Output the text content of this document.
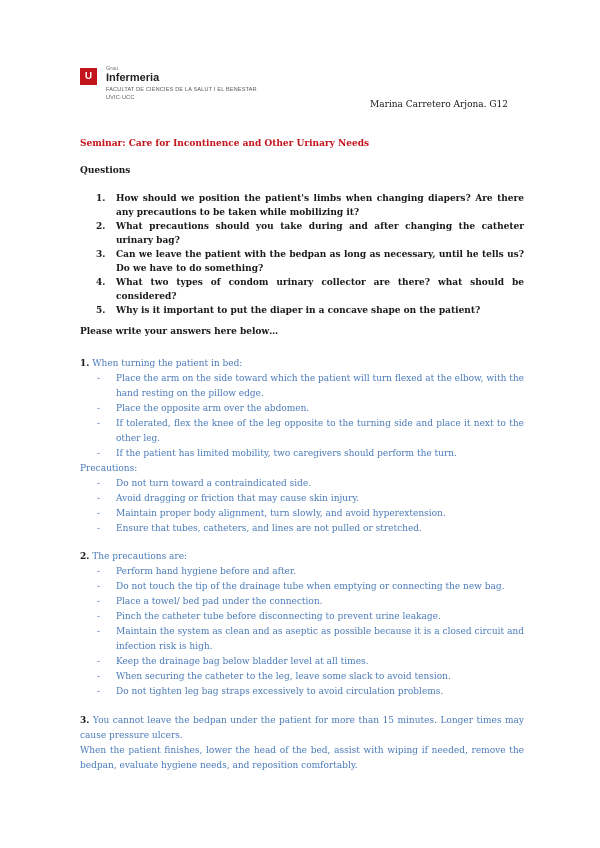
U
Grau
Infermeria
FACULTAT DE CIÈNCIES DE LA SALUT I EL BENESTAR
UVIC·UCC
Marina Carretero Arjona. G12
Seminar: Care for Incontinence and Other Urinary Needs
Questions
1.	How should we position the patient's limbs when changing diapers? Are there any precautions to be taken while mobilizing it?
2.	What precautions should you take during and after changing the catheter urinary bag?
3.	Can we leave the patient with the bedpan as long as necessary, until he tells us? Do we have to do something?
4.	What two types of condom urinary collector are there? what should be considered?
5.	Why is it important to put the diaper in a concave shape on the patient?
Please write your answers here below…
1. When turning the patient in bed:
-	Place the arm on the side toward which the patient will turn flexed at the elbow, with the hand resting on the pillow edge.
-	Place the opposite arm over the abdomen.
-	If tolerated, flex the knee of the leg opposite to the turning side and place it next to the other leg.
-	If the patient has limited mobility, two caregivers should perform the turn.
Precautions:
-	Do not turn toward a contraindicated side.
-	Avoid dragging or friction that may cause skin injury.
-	Maintain proper body alignment, turn slowly, and avoid hyperextension.
-	Ensure that tubes, catheters, and lines are not pulled or stretched.
2. The precautions are:
-	Perform hand hygiene before and after.
-	Do not touch the tip of the drainage tube when emptying or connecting the new bag.
-	Place a towel/ bed pad under the connection.
-	Pinch the catheter tube before disconnecting to prevent urine leakage.
-	Maintain the system as clean and as aseptic as possible because it is a closed circuit and infection risk is high.
-	Keep the drainage bag below bladder level at all times.
-	When securing the catheter to the leg, leave some slack to avoid tension.
-	Do not tighten leg bag straps excessively to avoid circulation problems.
3. You cannot leave the bedpan under the patient for more than 15 minutes. Longer times may cause pressure ulcers.
When the patient finishes, lower the head of the bed, assist with wiping if needed, remove the bedpan, evaluate hygiene needs, and reposition comfortably.
